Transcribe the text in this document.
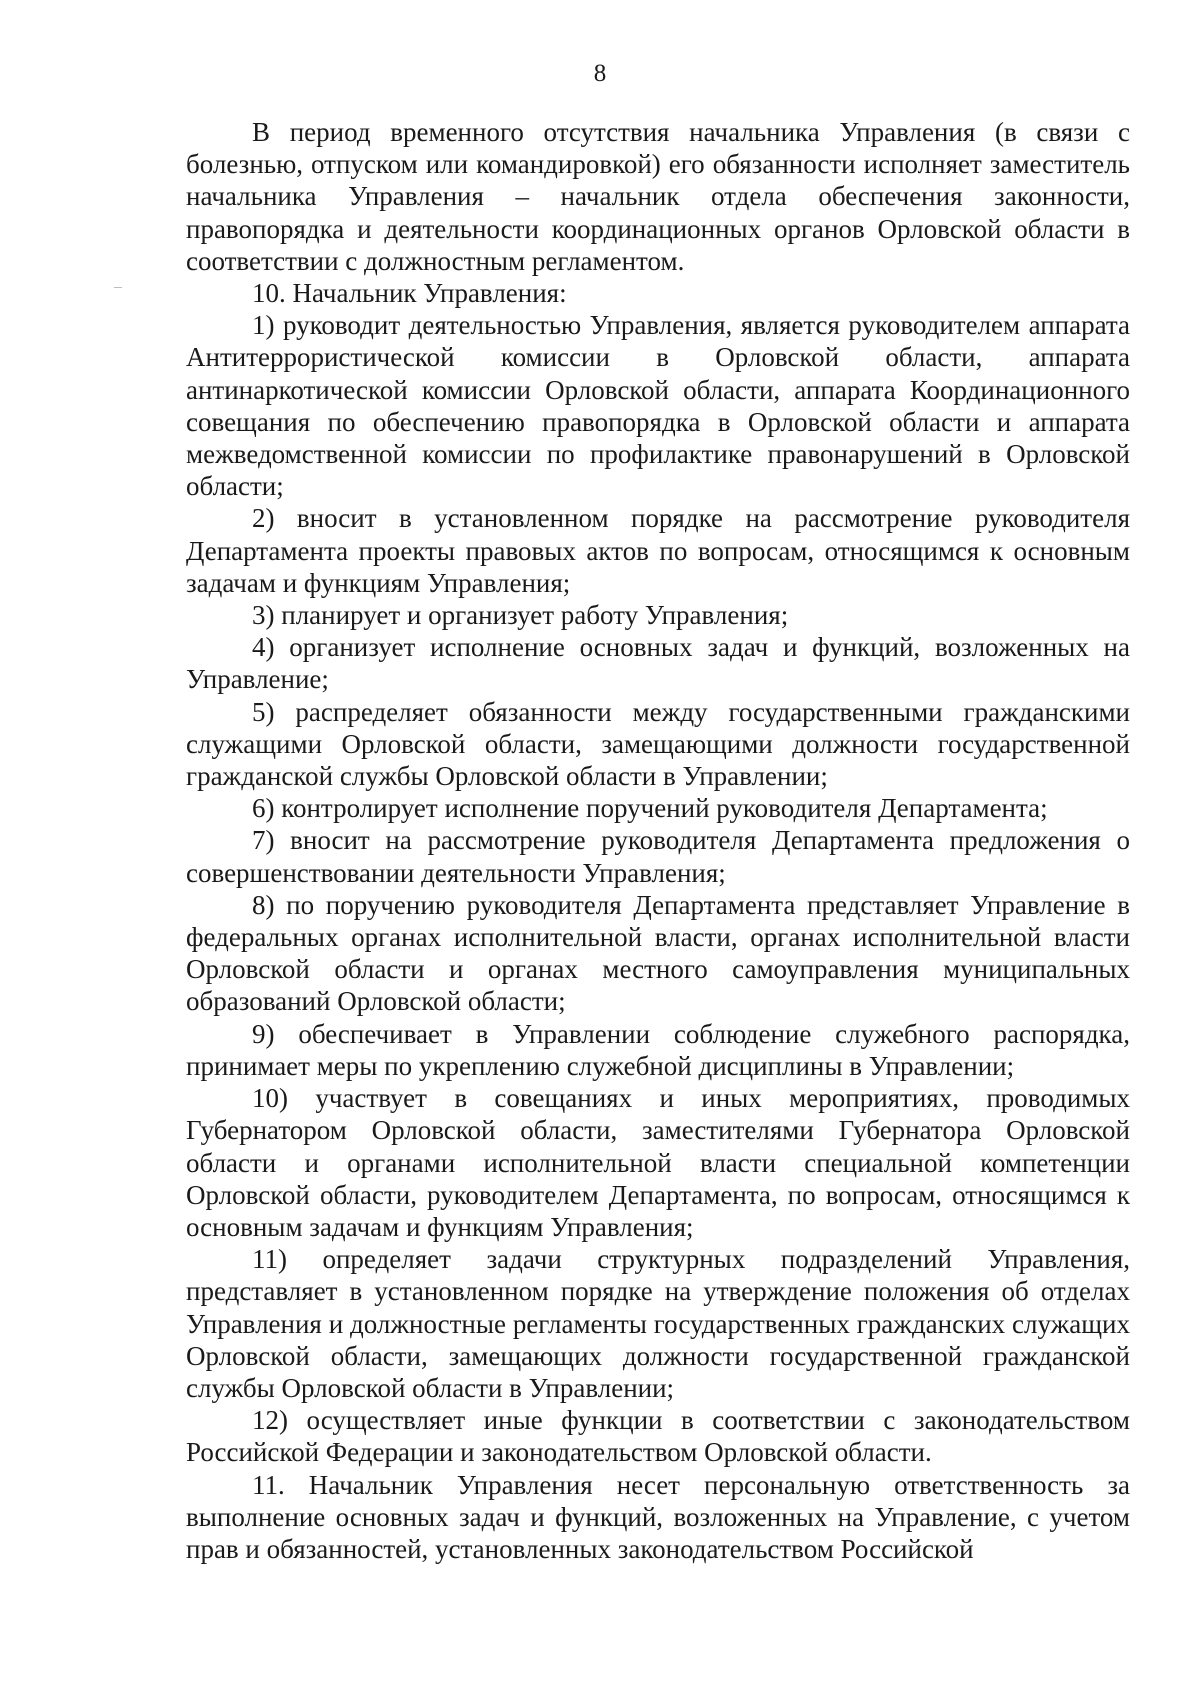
8

В период временного отсутствия начальника Управления (в связи с болезнью, отпуском или командировкой) его обязанности исполняет заместитель начальника Управления – начальник отдела обеспечения законности, правопорядка и деятельности координационных органов Орловской области в соответствии с должностным регламентом.

10. Начальник Управления:

1) руководит деятельностью Управления, является руководителем аппарата Антитеррористической комиссии в Орловской области, аппарата антинаркотической комиссии Орловской области, аппарата Координационного совещания по обеспечению правопорядка в Орловской области и аппарата межведомственной комиссии по профилактике правонарушений в Орловской области;

2) вносит в установленном порядке на рассмотрение руководителя Департамента проекты правовых актов по вопросам, относящимся к основным задачам и функциям Управления;

3) планирует и организует работу Управления;

4) организует исполнение основных задач и функций, возложенных на Управление;

5) распределяет обязанности между государственными гражданскими служащими Орловской области, замещающими должности государственной гражданской службы Орловской области в Управлении;

6) контролирует исполнение поручений руководителя Департамента;

7) вносит на рассмотрение руководителя Департамента предложения о совершенствовании деятельности Управления;

8) по поручению руководителя Департамента представляет Управление в федеральных органах исполнительной власти, органах исполнительной власти Орловской области и органах местного самоуправления муниципальных образований Орловской области;

9) обеспечивает в Управлении соблюдение служебного распорядка, принимает меры по укреплению служебной дисциплины в Управлении;

10) участвует в совещаниях и иных мероприятиях, проводимых Губернатором Орловской области, заместителями Губернатора Орловской области и органами исполнительной власти специальной компетенции Орловской области, руководителем Департамента, по вопросам, относящимся к основным задачам и функциям Управления;

11) определяет задачи структурных подразделений Управления, представляет в установленном порядке на утверждение положения об отделах Управления и должностные регламенты государственных гражданских служащих Орловской области, замещающих должности государственной гражданской службы Орловской области в Управлении;

12) осуществляет иные функции в соответствии с законодательством Российской Федерации и законодательством Орловской области.

11. Начальник Управления несет персональную ответственность за выполнение основных задач и функций, возложенных на Управление, с учетом прав и обязанностей, установленных законодательством Российской
